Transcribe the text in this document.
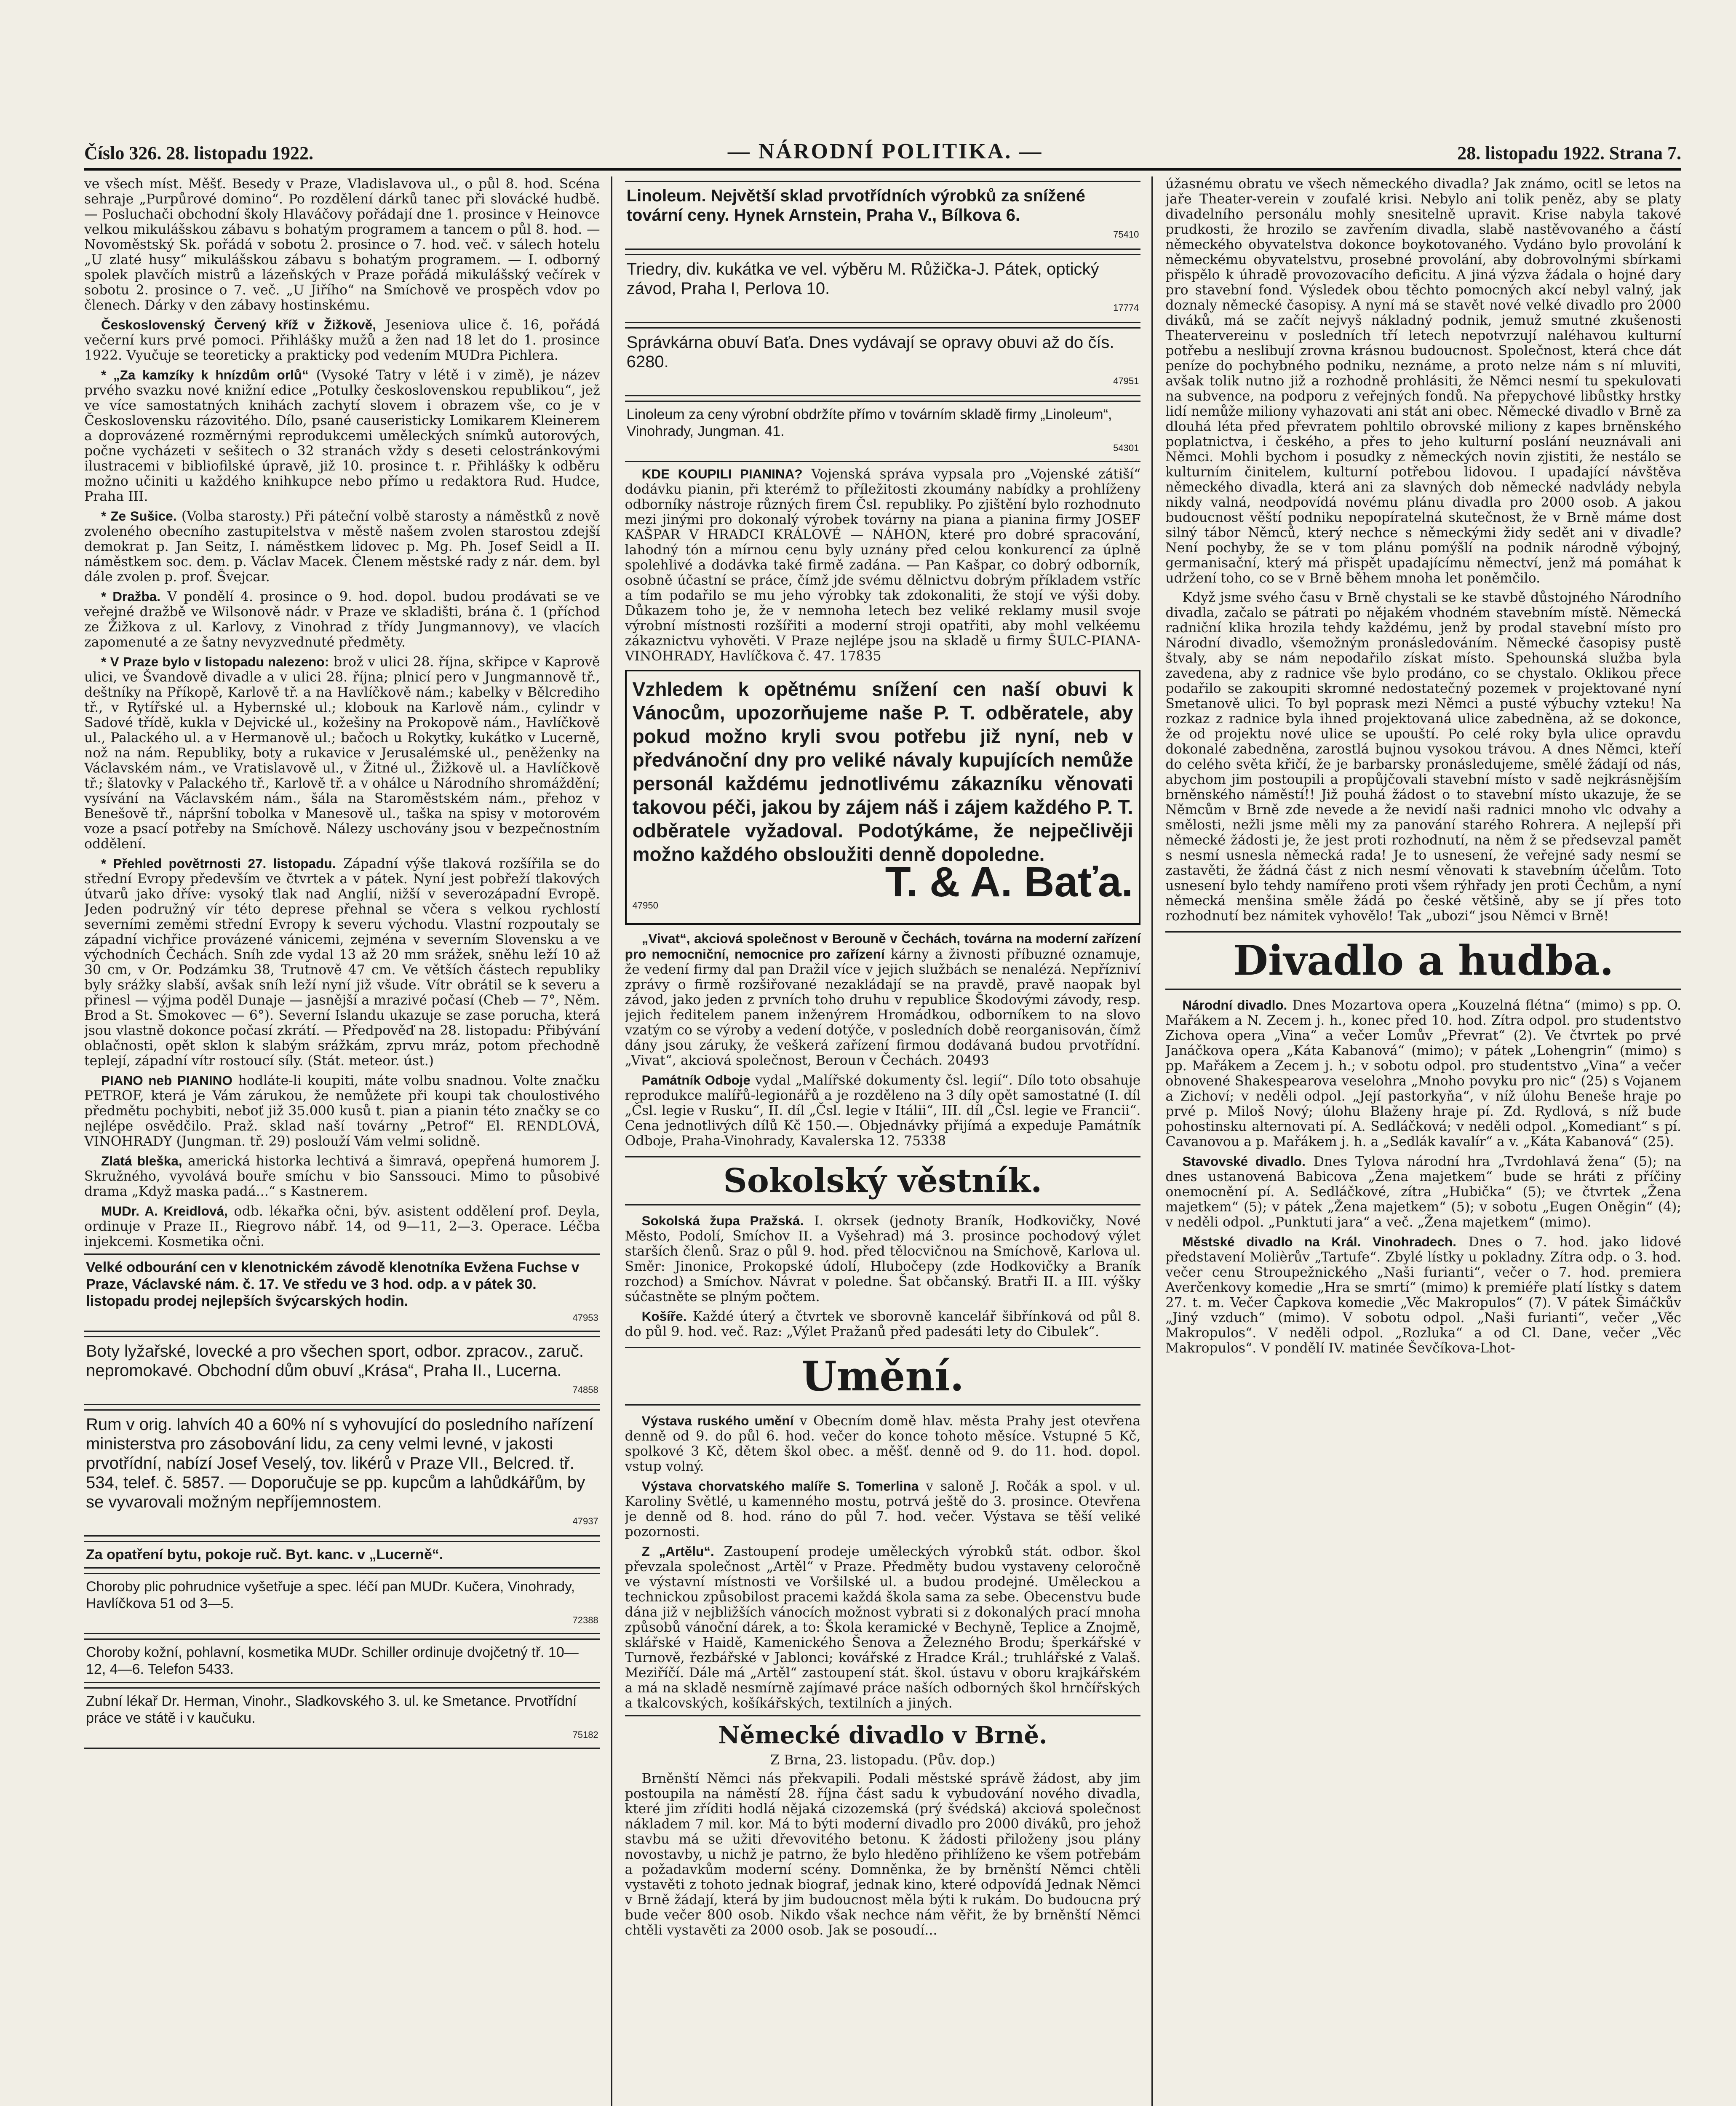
Číslo 326. 28. listopadu 1922.	— NÁRODNÍ POLITIKA. —	28. listopadu 1922. Strana 7.

ve všech míst. Měšť. Besedy v Praze, Vladislavova ul., o půl 8. hod. Scéna sehraje „Purpůrové domino“. Po rozdělení dárků tanec při slovácké hudbě. — Posluchači obchodní školy Hlaváčovy pořádají dne 1. prosince v Heinovce velkou mikulášskou zábavu s bohatým programem a tancem o půl 8. hod. — Novoměstský Sk. pořádá v sobotu 2. prosince o 7. hod. več. v sálech hotelu „U zlaté husy“ mikulášskou zábavu s bohatým programem. — I. odborný spolek plavčích mistrů a lázeňských v Praze pořádá mikulášský večírek v sobotu 2. prosince o 7. več. „U Jiřího“ na Smíchově ve prospěch vdov po členech. Dárky v den zábavy hostinskému.

Československý Červený kříž v Žižkově, Jeseniova ulice č. 16, pořádá večerní kurs prvé pomoci. Přihlášky mužů a žen nad 18 let do 1. prosince 1922. Vyučuje se teoreticky a prakticky pod vedením MUDra Pichlera.

* „Za kamzíky k hnízdům orlů“ (Vysoké Tatry v létě i v zimě), je název prvého svazku nové knižní edice „Potulky československou republikou“, jež ve více samostatných knihách zachytí slovem i obrazem vše, co je v Československu rázovitého. Dílo, psané causeristicky Lomikarem Kleinerem a doprovázené rozměrnými reprodukcemi uměleckých snímků autorových, počne vycházeti v sešitech o 32 stranách vždy s deseti celostránkovými ilustracemi v bibliofilské úpravě, již 10. prosince t. r. Přihlášky k odběru možno učiniti u každého knihkupce nebo přímo u redaktora Rud. Hudce, Praha III.

* Ze Sušice. (Volba starosty.) Při páteční volbě starosty a náměstků z nově zvoleného obecního zastupitelstva v městě našem zvolen starostou zdejší demokrat p. Jan Seitz, I. náměstkem lidovec p. Mg. Ph. Josef Seidl a II. náměstkem soc. dem. p. Václav Macek. Členem městské rady z nár. dem. byl dále zvolen p. prof. Švejcar.

* Dražba. V pondělí 4. prosince o 9. hod. dopol. budou prodávati se ve veřejné dražbě ve Wilsonově nádr. v Praze ve skladišti, brána č. 1 (příchod ze Žižkova z ul. Karlovy, z Vinohrad z třídy Jungmannovy), ve vlacích zapomenuté a ze šatny nevyzvednuté předměty.

* V Praze bylo v listopadu nalezeno: brož v ulici 28. října, skřipce v Kaprově ulici, ve Švandově divadle a v ulici 28. října; plnicí pero v Jungmannově tř., deštníky na Příkopě, Karlově tř. a na Havlíčkově nám.; kabelky v Bělcrediho tř., v Rytířské ul. a Hybernské ul.; klobouk na Karlově nám., cylindr v Sadové třídě, kukla v Dejvické ul., kožešiny na Prokopově nám., Havlíčkově ul., Palackého ul. a v Hermanově ul.; bačoch u Rokytky, kukátko v Lucerně, nož na nám. Republiky, boty a rukavice v Jerusalémské ul., peněženky na Václavském nám., ve Vratislavově ul., v Žitné ul., Žižkově ul. a Havlíčkově tř.; šlatovky v Palackého tř., Karlově tř. a v ohálce u Národního shromáždění; vysívání na Václavském nám., šála na Staroměstském nám., přehoz v Benešově tř., nápršní tobolka v Manesově ul., taška na spisy v motorovém voze a psací potřeby na Smíchově. Nálezy uschovány jsou v bezpečnostním oddělení.

* Přehled povětrnosti 27. listopadu. Západní výše tlaková rozšířila se do střední Evropy především ve čtvrtek a v pátek. Nyní jest pobřeží tlakových útvarů jako dříve: vysoký tlak nad Anglií, nižší v severozápadní Evropě. Jeden podružný vír této deprese přehnal se včera s velkou rychlostí severními zeměmi střední Evropy k severu východu. Vlastní rozpoutaly se západní vichřice provázené vánicemi, zejména v severním Slovensku a ve východních Čechách. Sníh zde vydal 13 až 20 mm srážek, sněhu leží 10 až 30 cm, v Or. Podzámku 38, Trutnově 47 cm. Ve větších částech republiky byly srážky slabší, avšak sníh leží nyní již všude. Vítr obrátil se k severu a přinesl — výjma poděl Dunaje — jasnější a mrazivé počasí (Cheb — 7°, Něm. Brod a St. Smokovec — 6°). Severní Islandu ukazuje se zase porucha, která jsou vlastně dokonce počasí zkrátí. — Předpověď na 28. listopadu: Přibývání oblačnosti, opět sklon k slabým srážkám, zprvu mráz, potom přechodně teplejí, západní vítr rostoucí síly. (Stát. meteor. úst.)

PIANO neb PIANINO hodláte-li koupiti, máte volbu snadnou. Volte značku PETROF, která je Vám zárukou, že nemůžete při koupi tak choulostivého předmětu pochybiti, neboť již 35.000 kusů t. pian a pianin této značky se co nejlépe osvědčilo. Praž. sklad naší továrny „Petrof“ El. RENDLOVÁ, VINOHRADY (Jungman. tř. 29) poslouží Vám velmi solidně.

Zlatá bleška, americká historka lechtivá a šimravá, opepřená humorem J. Skružného, vyvolává bouře smíchu v bio Sanssouci. Mimo to působivé drama „Když maska padá...“ s Kastnerem.

MUDr. A. Kreidlová, odb. lékařka očni, býv. asistent oddělení prof. Deyla, ordinuje v Praze II., Riegrovo nábř. 14, od 9—11, 2—3. Operace. Léčba injekcemi. Kosmetika očni.

Velké odbourání cen v klenotnickém závodě klenotníka Evžena Fuchse v Praze, Václavské nám. č. 17. Ve středu ve 3 hod. odp. a v pátek 30. listopadu prodej nejlepších švýcarských hodin.
47953
Boty lyžařské, lovecké a pro všechen sport, odbor. zpracov., zaruč. nepromokavé. Obchodní dům obuví „Krása“, Praha II., Lucerna.
74858
Rum v orig. lahvích 40 a 60% ní s vyhovující do posledního nařízení ministerstva pro zásobování lidu, za ceny velmi levné, v jakosti prvotřídní, nabízí Josef Veselý, tov. likérů v Praze VII., Belcred. tř. 534, telef. č. 5857. — Doporučuje se pp. kupcům a lahůdkářům, by se vyvarovali možným nepříjemnostem.
47937
Za opatření bytu, pokoje ruč. Byt. kanc. v „Lucerně“.
Choroby plic pohrudnice vyšetřuje a spec. léčí pan MUDr. Kučera, Vinohrady, Havlíčkova 51 od 3—5.
72388
Choroby kožní, pohlavní, kosmetika MUDr. Schiller ordinuje dvojčetný tř. 10—12, 4—6. Telefon 5433.
Zubní lékař Dr. Herman, Vinohr., Sladkovského 3. ul. ke Smetance. Prvotřídní práce ve státě i v kaučuku.
75182
Linoleum. Největší sklad prvotřídních výrobků za snížené tovární ceny. Hynek Arnstein, Praha V., Bílkova 6.
75410
Triedry, div. kukátka ve vel. výběru M. Růžička-J. Pátek, optický závod, Praha I, Perlova 10.
17774
Správkárna obuví Baťa. Dnes vydávají se opravy obuvi až do čís. 6280.
47951
Linoleum za ceny výrobní obdržíte přímo v továrním skladě firmy „Linoleum“, Vinohrady, Jungman. 41.
54301

KDE KOUPILI PIANINA? Vojenská správa vypsala pro „Vojenské zátiší“ dodávku pianin, při kterémž to příležitosti zkoumány nabídky a prohlíženy odborníky nástroje různých firem Čsl. republiky. Po zjištění bylo rozhodnuto mezi jinými pro dokonalý výrobek továrny na piana a pianina firmy JOSEF KAŠPAR V HRADCI KRÁLOVÉ — NÁHON, které pro dobré spracování, lahodný tón a mírnou cenu byly uznány před celou konkurencí za úplně spolehlivé a dodávka také firmě zadána. — Pan Kašpar, co dobrý odborník, osobně účastní se práce, čímž jde svému dělnictvu dobrým příkladem vstříc a tím podařilo se mu jeho výrobky tak zdokonaliti, že stojí ve výši doby. Důkazem toho je, že v nemnoha letech bez veliké reklamy musil svoje výrobní místnosti rozšířiti a moderní stroji opatřiti, aby mohl velkéemu zákaznictvu vyhověti. V Praze nejlépe jsou na skladě u firmy ŠULC-PIANA-VINOHRADY, Havlíčkova č. 47. 17835

Vzhledem k opětnému snížení cen naší obuvi k Vánocům, upozorňujeme naše P. T. odběratele, aby pokud možno kryli svou potřebu již nyní, neb v předvánoční dny pro veliké návaly kupujících nemůže personál každému jednotlivému zákazníku věnovati takovou péči, jakou by zájem náš i zájem každého P. T. odběratele vyžadoval. Podotýkáme, že nejpečlivěji možno každého obsloužiti denně dopoledne.
T. & A. Baťa.
47950

„Vivat“, akciová společnost v Berouně v Čechách, továrna na moderní zařízení pro nemocniční, nemocnice pro zařízení kárny a živnosti příbuzné oznamuje, že vedení firmy dal pan Dražil více v jejich službách se nenalézá. Nepřízniví zprávy o firmě rozšiřované nezakládají se na pravdě, pravě naopak byl závod, jako jeden z prvních toho druhu v republice Škodovými závody, resp. jejich ředitelem panem inženýrem Hromádkou, odborníkem to na slovo vzatým co se výroby a vedení dotýče, v posledních době reorganisován, čímž dány jsou záruky, že veškerá zařízení firmou dodávaná budou prvotřídní. „Vivat“, akciová společnost, Beroun v Čechách. 20493

Památník Odboje vydal „Malířské dokumenty čsl. legií“. Dílo toto obsahuje reprodukce malířů-legionářů a je rozděleno na 3 díly opět samostatné (I. díl „Čsl. legie v Rusku“, II. díl „Čsl. legie v Itálii“, III. díl „Čsl. legie ve Francii“. Cena jednotlivých dílů Kč 150.—. Objednávky přijímá a expeduje Památník Odboje, Praha-Vinohrady, Kavalerska 12. 75338

Sokolský věstník.

Sokolská župa Pražská. I. okrsek (jednoty Braník, Hodkovičky, Nové Město, Podolí, Smíchov II. a Vyšehrad) má 3. prosince pochodový výlet starších členů. Sraz o půl 9. hod. před tělocvičnou na Smíchově, Karlova ul. Směr: Jinonice, Prokopské údolí, Hlubočepy (zde Hodkovičky a Braník rozchod) a Smíchov. Návrat v poledne. Šat občanský. Bratři II. a III. výšky súčastněte se plným počtem.

Košíře. Každé úterý a čtvrtek ve sborovně kancelář šibřínková od půl 8. do půl 9. hod. več. Raz: „Výlet Pražanů před padesáti lety do Cibulek“.

Umění.

Výstava ruského umění v Obecním domě hlav. města Prahy jest otevřena denně od 9. do půl 6. hod. večer do konce tohoto měsíce. Vstupné 5 Kč, spolkové 3 Kč, dětem škol obec. a měšť. denně od 9. do 11. hod. dopol. vstup volný.

Výstava chorvatského malíře S. Tomerlina v saloně J. Ročák a spol. v ul. Karoliny Světlé, u kamenného mostu, potrvá ještě do 3. prosince. Otevřena je denně od 8. hod. ráno do půl 7. hod. večer. Výstava se těší veliké pozornosti.

Z „Artělu“. Zastoupení prodeje uměleckých výrobků stát. odbor. škol převzala společnost „Artěl“ v Praze. Předměty budou vystaveny celoročně ve výstavní místnosti ve Voršilské ul. a budou prodejné. Uměleckou a technickou způsobilost pracemi každá škola sama za sebe. Obecenstvu bude dána již v nejbližších vánocích možnost vybrati si z dokonalých prací mnoha způsobů vánoční dárek, a to: Škola keramické v Bechyně, Teplice a Znojmě, sklářské v Haidě, Kamenického Šenova a Železného Brodu; šperkářské v Turnově, řezbářské v Jablonci; kovářské z Hradce Král.; truhlářské z Valaš. Meziříčí. Dále má „Artěl“ zastoupení stát. škol. ústavu v oboru krajkářském a má na skladě nesmírně zajímavé práce naších odborných škol hrnčířských a tkalcovských, košíkářských, textilních a jiných.

Německé divadlo v Brně.
Z Brna, 23. listopadu. (Pův. dop.)

Brněnští Němci nás překvapili. Podali městské správě žádost, aby jim postoupila na náměstí 28. října část sadu k vybudování nového divadla, které jim zříditi hodlá nějaká cizozemská (prý švédská) akciová společnost nákladem 7 mil. kor. Má to býti moderní divadlo pro 2000 diváků, pro jehož stavbu má se užiti dřevovitého betonu. K žádosti přiloženy jsou plány novostavby, u nichž je patrno, že bylo hleděno přihlíženo ke všem potřebám a požadavkům moderní scény. Domněnka, že by brněnští Němci chtěli vystavěti z tohoto jednak biograf, jednak kino, které odpovídá Jednak Němci v Brně žádají, která by jim budoucnost měla býti k rukám. Do budoucna prý bude večer 800 osob. Nikdo však nechce nám věřit, že by brněnští Němci chtěli vystavěti za 2000 osob. Jak se posoudí...

úžasnému obratu ve všech německého divadla? Jak známo, ocitl se letos na jaře Theater-verein v zoufalé krisi. Nebylo ani tolik peněz, aby se platy divadelního personálu mohly snesitelně upravit. Krise nabyla takové prudkosti, že hrozilo se zavřením divadla, slabě nastěvovaného a částí německého obyvatelstva dokonce boykotovaného. Vydáno bylo provolání k německému obyvatelstvu, prosebné provolání, aby dobrovolnými sbírkami přispělo k úhradě provozovacího deficitu. A jiná výzva žádala o hojné dary pro stavební fond. Výsledek obou těchto pomocných akcí nebyl valný, jak doznaly německé časopisy. A nyní má se stavět nové velké divadlo pro 2000 diváků, má se začít nejvyš nákladný podnik, jemuž smutné zkušenosti Theatervereinu v posledních tří letech nepotvrzují naléhavou kulturní potřebu a neslibují zrovna krásnou budoucnost. Společnost, která chce dát peníze do pochybného podniku, neznáme, a proto nelze nám s ní mluviti, avšak tolik nutno již a rozhodně prohlásiti, že Němci nesmí tu spekulovati na subvence, na podporu z veřejných fondů. Na přepychové libůstky hrstky lidí nemůže miliony vyhazovati ani stát ani obec. Německé divadlo v Brně za dlouhá léta před převratem pohltilo obrovské miliony z kapes brněnského poplatnictva, i českého, a přes to jeho kulturní poslání neuznávali ani Němci. Mohli bychom i posudky z německých novin zjistiti, že nestálo se kulturním činitelem, kulturní potřebou lidovou. I upadající návštěva německého divadla, která ani za slavných dob německé nadvlády nebyla nikdy valná, neodpovídá novému plánu divadla pro 2000 osob. A jakou budoucnost věští podniku nepopíratelná skutečnost, že v Brně máme dost silný tábor Němců, který nechce s německými židy sedět ani v divadle? Není pochyby, že se v tom plánu pomýšlí na podnik národně výbojný, germanisační, který má přispět upadajícímu němectví, jenž má pomáhat k udržení toho, co se v Brně během mnoha let poněmčilo.

Když jsme svého času v Brně chystali se ke stavbě důstojného Národního divadla, začalo se pátrati po nějakém vhodném stavebním místě. Německá radniční klika hrozila tehdy každému, jenž by prodal stavební místo pro Národní divadlo, všemožným pronásledováním. Německé časopisy pustě štvaly, aby se nám nepodařilo získat místo. Spehounská služba byla zavedena, aby z radnice vše bylo prodáno, co se chystalo. Oklikou přece podařilo se zakoupiti skromné nedostatečný pozemek v projektované nyní Smetanově ulici. To byl poprask mezi Němci a pusté výbuchy vzteku! Na rozkaz z radnice byla ihned projektovaná ulice zabedněna, až se dokonce, že od projektu nové ulice se upouští. Po celé roky byla ulice opravdu dokonalé zabedněna, zarostlá bujnou vysokou trávou. A dnes Němci, kteří do celého světa křičí, že je barbarsky pronásledujeme, smělé žádají od nás, abychom jim postoupili a propůjčovali stavební místo v sadě nejkrásnějším brněnského náměstí!! Již pouhá žádost o to stavební místo ukazuje, že se Němcům v Brně zde nevede a že nevidí naši radnici mnoho vlc odvahy a smělosti, nežli jsme měli my za panování starého Rohrera. A nejlepší při německé žádosti je, že jest proti rozhodnutí, na něm ž se předsevzal pamět s nesmí usnesla německá rada! Je to usnesení, že veřejné sady nesmí se zastavěti, že žádná část z nich nesmí věnovati k stavebním účelům. Toto usnesení bylo tehdy namířeno proti všem rýhřady jen proti Čechům, a nyní německá menšina směle žádá po české většině, aby se jí přes toto rozhodnutí bez námitek vyhovělo! Tak „ubozi“ jsou Němci v Brně!

Divadlo a hudba.

Národní divadlo. Dnes Mozartova opera „Kouzelná flétna“ (mimo) s pp. O. Mařákem a N. Zecem j. h., konec před 10. hod. Zítra odpol. pro studentstvo Zichova opera „Vina“ a večer Lomův „Převrat“ (2). Ve čtvrtek po prvé Janáčkova opera „Káta Kabanová“ (mimo); v pátek „Lohengrin“ (mimo) s pp. Mařákem a Zecem j. h.; v sobotu odpol. pro studentstvo „Vina“ a večer obnovené Shakespearova veselohra „Mnoho povyku pro nic“ (25) s Vojanem a Zichoví; v neděli odpol. „Její pastorkyňa“, v níž úlohu Beneše hraje po prvé p. Miloš Nový; úlohu Blaženy hraje pí. Zd. Rydlová, s níž bude pohostinsku alternovati pí. A. Sedláčková; v neděli odpol. „Komediant“ s pí. Cavanovou a p. Mařákem j. h. a „Sedlák kavalír“ a v. „Káta Kabanová“ (25).

Stavovské divadlo. Dnes Tylova národní hra „Tvrdohlavá žena“ (5); na dnes ustanovená Babicova „Žena majetkem“ bude se hráti z příčiny onemocnění pí. A. Sedláčkové, zítra „Hubička“ (5); ve čtvrtek „Žena majetkem“ (5); v pátek „Žena majetkem“ (5); v sobotu „Eugen Oněgin“ (4); v neděli odpol. „Punktuti jara“ a več. „Žena majetkem“ (mimo).

Městské divadlo na Král. Vinohradech. Dnes o 7. hod. jako lidové představení Molièrův „Tartufe“. Zbylé lístky u pokladny. Zítra odp. o 3. hod. večer cenu Stroupežnického „Naši furianti“, večer o 7. hod. premiera Averčenkovy komedie „Hra se smrtí“ (mimo) k premiéře platí lístky s datem 27. t. m. Večer Čapkova komedie „Věc Makropulos“ (7). V pátek Šimáčkův „Jiný vzduch“ (mimo). V sobotu odpol. „Naši furianti“, večer „Věc Makropulos“. V neděli odpol. „Rozluka“ a od Cl. Dane, večer „Věc Makropulos“. V pondělí IV. matinée Ševčíkova-Lhot-
